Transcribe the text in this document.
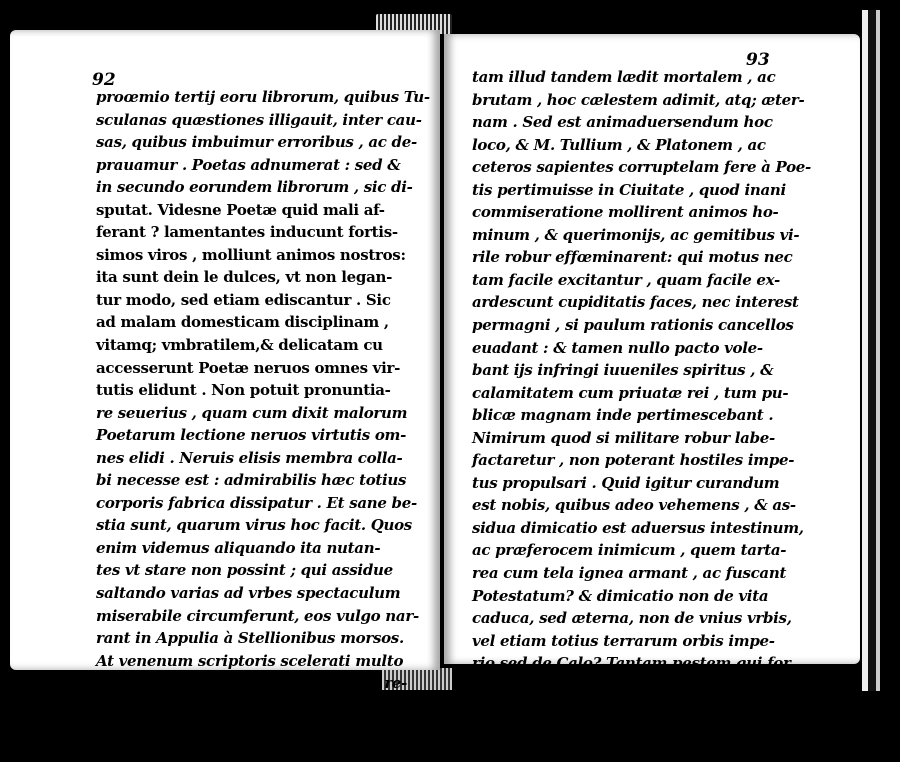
92
proœmio tertij eoru librorum, quibus Tu-
sculanas quæstiones illigauit, inter cau-
sas, quibus imbuimur erroribus , ac de-
prauamur . Poetas adnumerat : sed &
in secundo eorundem librorum , sic di-
sputat. Videsne Poetæ quid mali af-
ferant ? lamentantes inducunt fortis-
simos viros , molliunt animos nostros:
ita sunt dein le dulces, vt non legan-
tur modo, sed etiam ediscantur . Sic
ad malam domesticam disciplinam ,
vitamq; vmbratilem,& delicatam cu
accesserunt Poetæ neruos omnes vir-
tutis elidunt . Non potuit pronuntia-
re seuerius , quam cum dixit malorum
Poetarum lectione neruos virtutis om-
nes elidi . Neruis elisis membra colla-
bi necesse est : admirabilis hæc totius
corporis fabrica dissipatur . Et sane be-
stia sunt, quarum virus hoc facit. Quos
enim videmus aliquando ita nutan-
tes vt stare non possint ; qui assidue
saltando varias ad vrbes spectaculum
miserabile circumferunt, eos vulgo nar-
rant in Appulia à Stellionibus morsos.
At venenum scriptoris scelerati multo
est peius . Illud corporis nonnullos re-
laxat neruos,hoc virtutis omnes elidit
Illud vitam lædit , hoc adimit : & vi-
tam
93
tam illud tandem lædit mortalem , ac
brutam , hoc cælestem adimit, atq; æter-
nam . Sed est animaduersendum hoc
loco, & M. Tullium , & Platonem , ac
ceteros sapientes corruptelam fere à Poe-
tis pertimuisse in Ciuitate , quod inani
commiseratione mollirent animos ho-
minum , & querimonijs, ac gemitibus vi-
rile robur effœminarent: qui motus nec
tam facile excitantur , quam facile ex-
ardescunt cupiditatis faces, nec interest
permagni , si paulum rationis cancellos
euadant : & tamen nullo pacto vole-
bant ijs infringi iuueniles spiritus , &
calamitatem cum priuatæ rei , tum pu-
blicæ magnam inde pertimescebant .
Nimirum quod si militare robur labe-
factaretur , non poterant hostiles impe-
tus propulsari . Quid igitur curandum
est nobis, quibus adeo vehemens , & as-
sidua dimicatio est aduersus intestinum,
ac præferocem inimicum , quem tarta-
rea cum tela ignea armant , ac fuscant
Potestatum? & dimicatio non de vita
caduca, sed æterna, non de vnius vrbis,
vel etiam totius terrarum orbis impe-
rio sed de Calo? Tantam pestem qui for
midabant ab eo librorum genere ; quid
existimauere de spurcis , qui ad maxi-
ma
